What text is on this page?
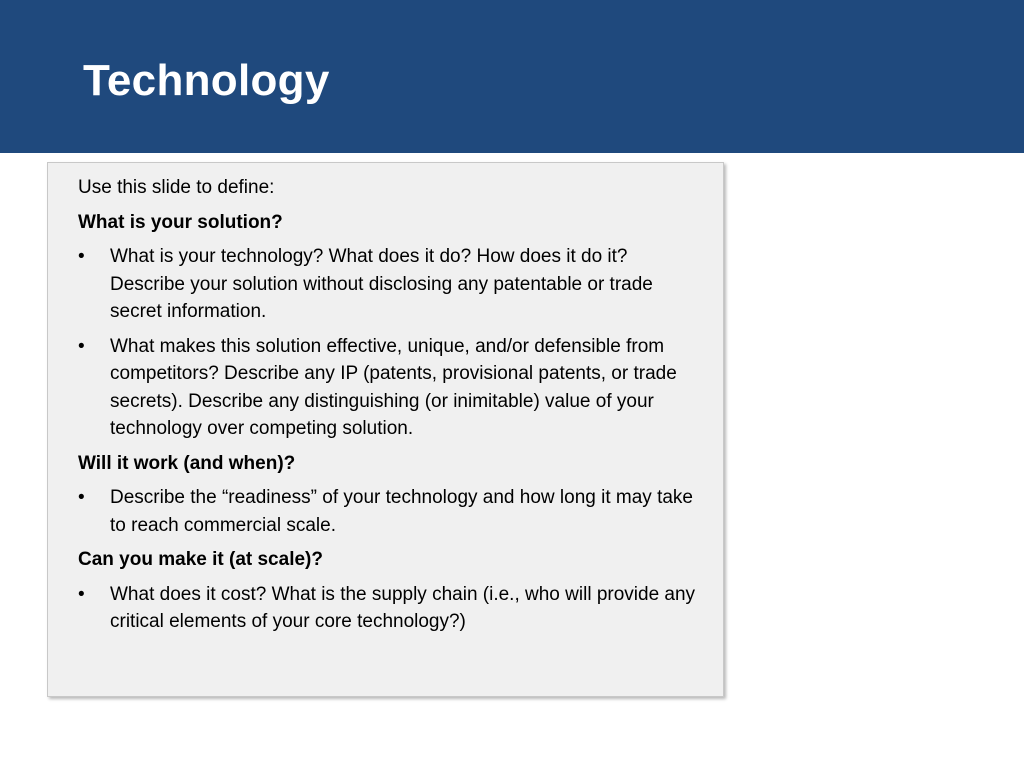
Technology
Use this slide to define:
What is your solution?
•	What is your technology? What does it do? How does it do it? Describe your solution without disclosing any patentable or trade secret information.
•	What makes this solution effective, unique, and/or defensible from competitors? Describe any IP (patents, provisional patents, or trade secrets). Describe any distinguishing (or inimitable) value of your technology over competing solution.
Will it work (and when)?
•	Describe the “readiness” of your technology and how long it may take to reach commercial scale.
Can you make it (at scale)?
•	What does it cost? What is the supply chain (i.e., who will provide any critical elements of your core technology?)
